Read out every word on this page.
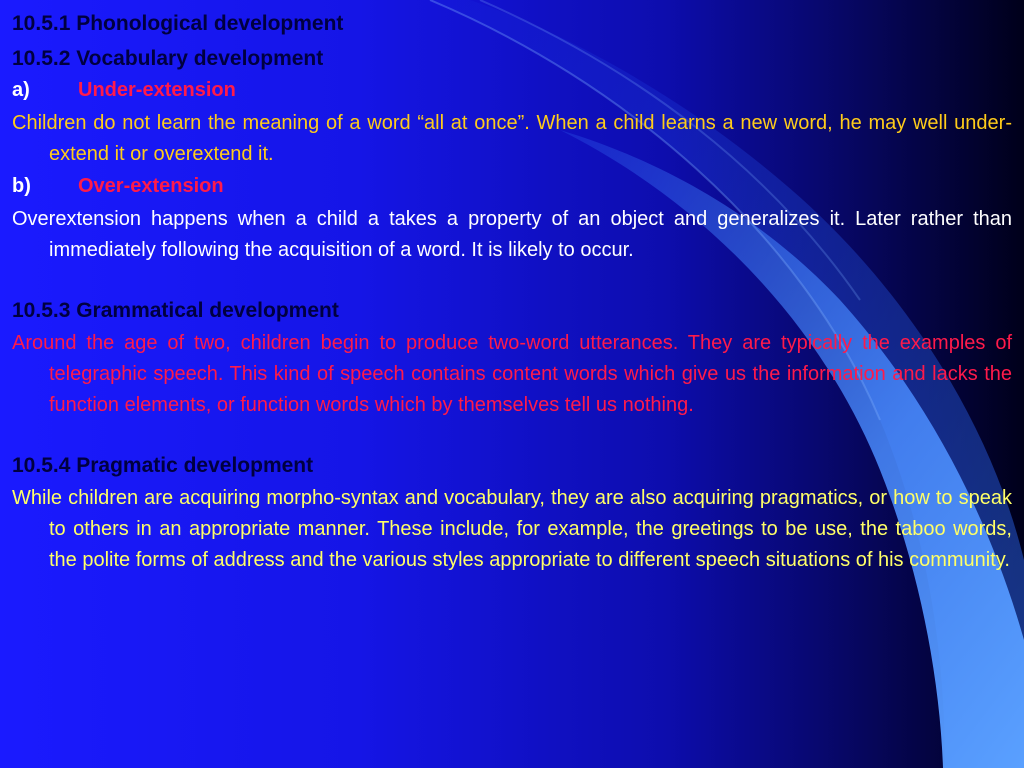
10.5.1 Phonological development

10.5.2 Vocabulary development

a)	Under-extension

Children do not learn the meaning of a word “all at once”. When a child learns a new word, he may well under-extend it or overextend it.

b)	Over-extension

Overextension happens when a child a takes a property of an object and generalizes it. Later rather than immediately following the acquisition of a word. It is likely to occur.

10.5.3 Grammatical development

Around the age of two, children begin to produce two-word utterances. They are typically the examples of telegraphic speech. This kind of speech contains content words which give us the information and lacks the function elements, or function words which by themselves tell us nothing.

10.5.4 Pragmatic development

While children are acquiring morpho-syntax and vocabulary, they are also acquiring pragmatics, or how to speak to others in an appropriate manner. These include, for example, the greetings to be use, the taboo words, the polite forms of address and the various styles appropriate to different speech situations of his community.
